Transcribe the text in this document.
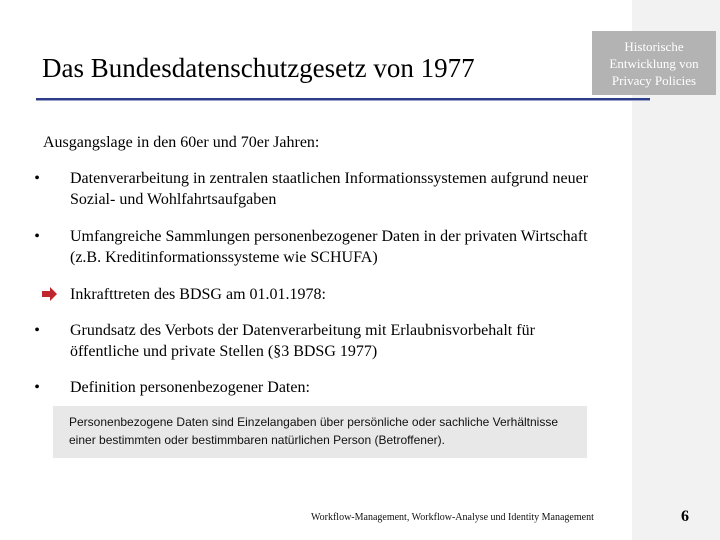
Historische Entwicklung von Privacy Policies
Das Bundesdatenschutzgesetz von 1977
Ausgangslage in den 60er und 70er Jahren:
• Datenverarbeitung in zentralen staatlichen Informationssystemen aufgrund neuer Sozial- und Wohlfahrtsaufgaben
• Umfangreiche Sammlungen personenbezogener Daten in der privaten Wirtschaft (z.B. Kreditinformationssysteme wie SCHUFA)
Inkrafttreten des BDSG am 01.01.1978:
• Grundsatz des Verbots der Datenverarbeitung mit Erlaubnisvorbehalt für öffentliche und private Stellen (§3 BDSG 1977)
• Definition personenbezogener Daten:
Personenbezogene Daten sind Einzelangaben über persönliche oder sachliche Verhältnisse einer bestimmten oder bestimmbaren natürlichen Person (Betroffener).
Workflow-Management, Workflow-Analyse und Identity Management	6
